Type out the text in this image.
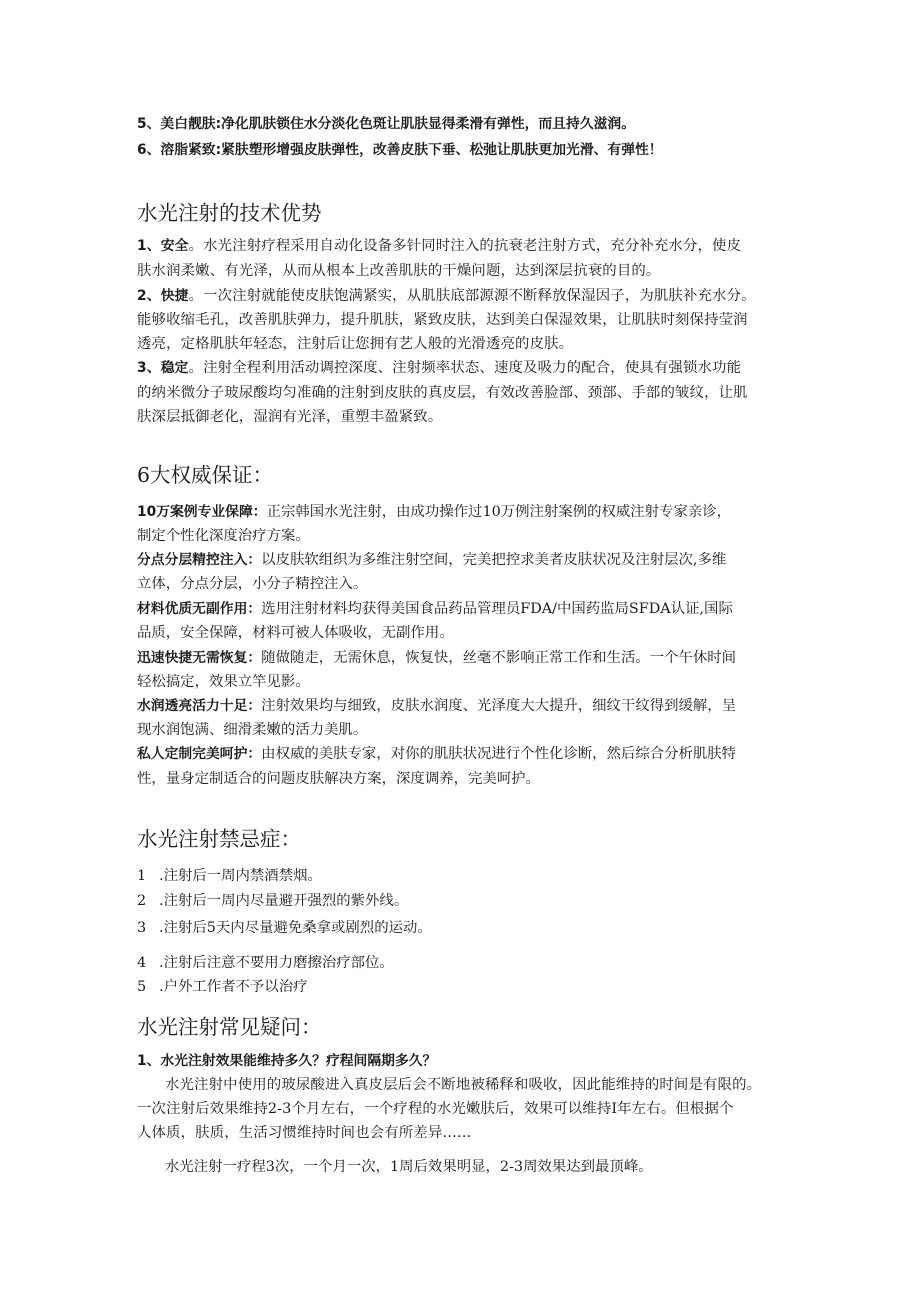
5、美白靓肤:净化肌肤锁住水分淡化色斑让肌肤显得柔滑有弹性，而且持久滋润。
6、溶脂紧致:紧肤塑形增强皮肤弹性，改善皮肤下垂、松弛让肌肤更加光滑、有弹性！
水光注射的技术优势
1、安全。水光注射疗程采用自动化设备多针同时注入的抗衰老注射方式，充分补充水分，使皮
肤水润柔嫩、有光泽，从而从根本上改善肌肤的干燥问题，达到深层抗衰的目的。
2、快捷。一次注射就能使皮肤饱满紧实，从肌肤底部源源不断释放保湿因子，为肌肤补充水分。
能够收缩毛孔，改善肌肤弹力，提升肌肤，紧致皮肤，达到美白保湿效果，让肌肤时刻保持莹润
透亮，定格肌肤年轻态，注射后让您拥有艺人般的光滑透亮的皮肤。
3、稳定。注射全程利用活动调控深度、注射频率状态、速度及吸力的配合，使具有强锁水功能
的纳米微分子玻尿酸均匀准确的注射到皮肤的真皮层，有效改善脸部、颈部、手部的皱纹，让肌
肤深层抵御老化，湿润有光泽，重塑丰盈紧致。
6大权威保证：
10万案例专业保障：正宗韩国水光注射，由成功操作过10万例注射案例的权威注射专家亲诊，
制定个性化深度治疗方案。
分点分层精控注入：以皮肤软组织为多维注射空间，完美把控求美者皮肤状况及注射层次,多维
立体，分点分层，小分子精控注入。
材料优质无副作用：选用注射材料均获得美国食品药品管理员FDA/中国药监局SFDA认证,国际
品质，安全保障，材料可被人体吸收，无副作用。
迅速快捷无需恢复：随做随走，无需休息，恢复快，丝毫不影响正常工作和生活。一个午休时间
轻松搞定，效果立竿见影。
水润透亮活力十足：注射效果均与细致，皮肤水润度、光泽度大大提升，细纹干纹得到缓解，呈
现水润饱满、细滑柔嫩的活力美肌。
私人定制完美呵护：由权威的美肤专家，对你的肌肤状况进行个性化诊断，然后综合分析肌肤特
性，量身定制适合的问题皮肤解决方案，深度调养，完美呵护。
水光注射禁忌症：
1 .注射后一周内禁酒禁烟。
2 .注射后一周内尽量避开强烈的紫外线。
3 .注射后5天内尽量避免桑拿或剧烈的运动。
4 .注射后注意不要用力磨擦治疗部位。
5 .户外工作者不予以治疗
水光注射常见疑问：
1、水光注射效果能维持多久？疗程间隔期多久？
水光注射中使用的玻尿酸进入真皮层后会不断地被稀释和吸收，因此能维持的时间是有限的。
一次注射后效果维持2-3个月左右，一个疗程的水光嫩肤后，效果可以维持I年左右。但根据个
人体质，肤质，生活习惯维持时间也会有所差异……
水光注射一疗程3次，一个月一次，1周后效果明显，2-3周效果达到最顶峰。
